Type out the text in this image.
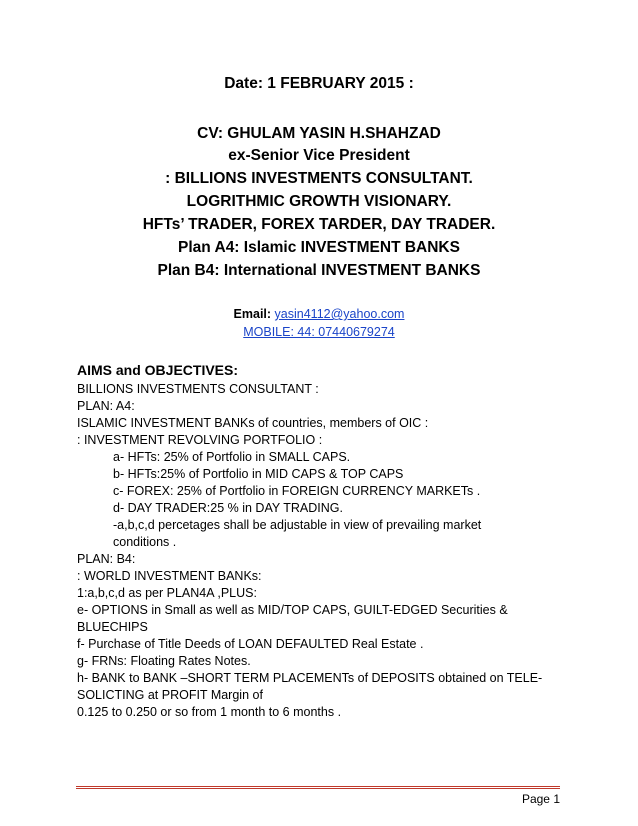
Date: 1 FEBRUARY 2015 :
CV: GHULAM YASIN H.SHAHZAD
ex-Senior Vice President
: BILLIONS INVESTMENTS CONSULTANT.
LOGRITHMIC GROWTH VISIONARY.
HFTs’ TRADER, FOREX TARDER, DAY TRADER.
Plan A4: Islamic INVESTMENT BANKS
Plan B4: International INVESTMENT BANKS
Email: yasin4112@yahoo.com
MOBILE: 44: 07440679274
AIMS and OBJECTIVES:
BILLIONS INVESTMENTS CONSULTANT :
PLAN: A4:
ISLAMIC INVESTMENT BANKs of countries, members of OIC :
: INVESTMENT REVOLVING PORTFOLIO :
a- HFTs: 25% of Portfolio in SMALL CAPS.
b- HFTs:25% of Portfolio in MID CAPS & TOP CAPS
c- FOREX: 25% of Portfolio in FOREIGN CURRENCY MARKETs .
d- DAY TRADER:25 % in DAY TRADING.
-a,b,c,d percetages shall be adjustable in view of prevailing market
conditions .
PLAN: B4:
: WORLD INVESTMENT BANKs:
1:a,b,c,d as per PLAN4A ,PLUS:
e- OPTIONS in Small as well as MID/TOP CAPS, GUILT-EDGED Securities &
BLUECHIPS
f- Purchase of Title Deeds of LOAN DEFAULTED Real Estate .
g- FRNs: Floating Rates Notes.
h- BANK to BANK –SHORT TERM PLACEMENTs of DEPOSITS obtained on TELE-
SOLICTING at PROFIT Margin of
0.125 to 0.250 or so from 1 month to 6 months .
Page 1
